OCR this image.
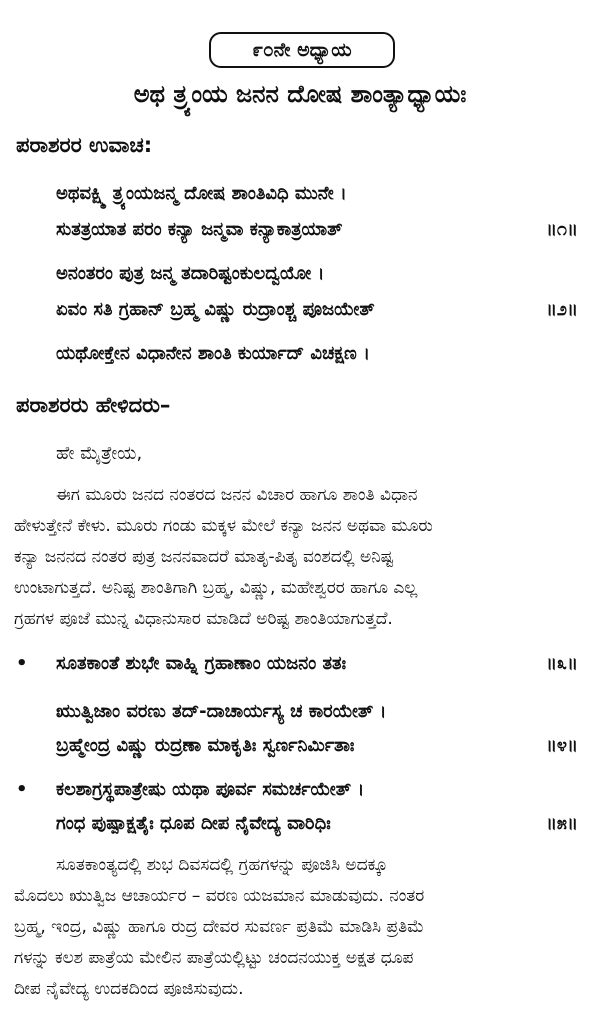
೯೦ನೇ ಅಧ್ಯಾಯ
ಅಥ ತ್ರ್ಯಂಯ ಜನನ ದೋಷ ಶಾಂತ್ಯಾಧ್ಯಾಯಃ
ಪರಾಶರರ ಉವಾಚ:
ಅಥವಕ್ಷ್ಮಿ ತ್ರ್ಯಂಯಜನ್ಮ ದೋಷ ಶಾಂತಿವಿಧಿ ಮುನೇ ।
ಸುತತ್ರಯಾತ ಪರಂ ಕನ್ಯಾ ಜನ್ಮವಾ ಕನ್ಯಾಕಾತ್ರಯಾತ್	॥೧॥
ಅನಂತರಂ ಪುತ್ರ ಜನ್ಮ ತದಾರಿಷ್ಟಂಕುಲದ್ವಯೋ ।
ಏವಂ ಸತಿ ಗ್ರಹಾನ್ ಬ್ರಹ್ಮ ವಿಷ್ಣು ರುದ್ರಾಂಶ್ಚ ಪೂಜಯೇತ್	॥೨॥
ಯಥೋಕ್ತೇನ ವಿಧಾನೇನ ಶಾಂತಿ ಕುರ್ಯಾದ್ ವಿಚಕ್ಷಣ ।
ಪರಾಶರರು ಹೇಳಿದರು–
ಹೇ ಮೈತ್ರೇಯ,
ಈಗ ಮೂರು ಜನದ ನಂತರದ ಜನನ ವಿಚಾರ ಹಾಗೂ ಶಾಂತಿ ವಿಧಾನ
ಹೇಳುತ್ತೇನೆ ಕೇಳು. ಮೂರು ಗಂಡು ಮಕ್ಕಳ ಮೇಲೆ ಕನ್ಯಾ ಜನನ ಅಥವಾ ಮೂರು
ಕನ್ಯಾ ಜನನದ ನಂತರ ಪುತ್ರ ಜನನವಾದರೆ ಮಾತೃ-ಪಿತೃ ವಂಶದಲ್ಲಿ ಅನಿಷ್ಟ
ಉಂಟಾಗುತ್ತದೆ. ಅನಿಷ್ಟ ಶಾಂತಿಗಾಗಿ ಬ್ರಹ್ಮ, ವಿಷ್ಣು, ಮಹೇಶ್ವರರ ಹಾಗೂ ಎಲ್ಲ
ಗ್ರಹಗಳ ಪೂಜೆ ಮುನ್ನ ವಿಧಾನುಸಾರ ಮಾಡಿದೆ ಅರಿಷ್ಟ ಶಾಂತಿಯಾಗುತ್ತದೆ.
• ಸೂತಕಾಂತೆ ಶುಭೇ ವಾಹ್ನಿ ಗ್ರಹಾಣಾಂ ಯಜನಂ ತತಃ	॥೩॥
ಋುತ್ವಿಜಾಂ ವರಣು ತದ್-ದಾಚಾರ್ಯಸ್ಯ ಚ ಕಾರಯೇತ್ ।
ಬ್ರಹ್ಮೇಂದ್ರ ವಿಷ್ಣು ರುದ್ರಣಾ ಮಾಕೃತಿಃ ಸ್ವರ್ಣನಿರ್ಮಿತಾಃ	॥೪॥
• ಕಲಶಾಗ್ರಸ್ಥಪಾತ್ರೇಷು ಯಥಾ ಪೂರ್ವ ಸಮರ್ಚಯೇತ್ ।
ಗಂಧ ಪುಷ್ಪಾಕ್ಷತೈಃ ಧೂಪ ದೀಪ ನೈವೇದ್ಯ ವಾರಿಧಿಃ	॥೫॥
ಸೂತಕಾಂತ್ಯದಲ್ಲಿ ಶುಭ ದಿವಸದಲ್ಲಿ ಗ್ರಹಗಳನ್ನು ಪೂಜಿಸಿ ಅದಕ್ಕೂ
ಮೊದಲು ಋುತ್ವಿಜ ಆಚಾರ್ಯರ – ವರಣ ಯಜಮಾನ ಮಾಡುವುದು. ನಂತರ
ಬ್ರಹ್ಮ, ಇಂದ್ರ, ವಿಷ್ಣು ಹಾಗೂ ರುದ್ರ ದೇವರ ಸುವರ್ಣ ಪ್ರತಿಮೆ ಮಾಡಿಸಿ ಪ್ರತಿಮೆ
ಗಳನ್ನು ಕಲಶ ಪಾತ್ರೆಯ ಮೇಲಿನ ಪಾತ್ರೆಯಲ್ಲಿಟ್ಟು ಚಂದನಯುಕ್ತ ಅಕ್ಷತ ಧೂಪ
ದೀಪ ನೈವೇದ್ಯ ಉದಕದಿಂದ ಪೂಜಿಸುವುದು.
